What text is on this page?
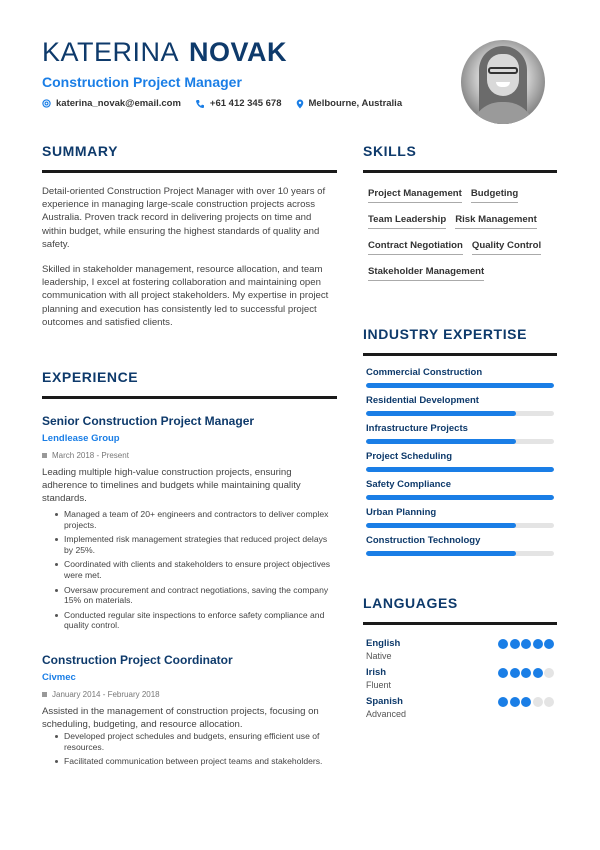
KATERINA NOVAK
Construction Project Manager
katerina_novak@email.com	+61 412 345 678	Melbourne, Australia
SUMMARY

Detail-oriented Construction Project Manager with over 10 years of experience in managing large-scale construction projects across Australia. Proven track record in delivering projects on time and within budget, while ensuring the highest standards of quality and safety.

Skilled in stakeholder management, resource allocation, and team leadership, I excel at fostering collaboration and maintaining open communication with all project stakeholders. My expertise in project planning and execution has consistently led to successful project outcomes and satisfied clients.

EXPERIENCE
Senior Construction Project Manager
Lendlease Group
March 2018 - Present

Leading multiple high-value construction projects, ensuring adherence to timelines and budgets while maintaining quality standards.

Managed a team of 20+ engineers and contractors to deliver complex projects.
Implemented risk management strategies that reduced project delays by 25%.
Coordinated with clients and stakeholders to ensure project objectives were met.
Oversaw procurement and contract negotiations, saving the company 15% on materials.
Conducted regular site inspections to enforce safety compliance and quality control.
Construction Project Coordinator
Civmec
January 2014 - February 2018

Assisted in the management of construction projects, focusing on scheduling, budgeting, and resource allocation.

Developed project schedules and budgets, ensuring efficient use of resources.
Facilitated communication between project teams and stakeholders.
SKILLS
Project Management Budgeting
Team Leadership Risk Management
Contract Negotiation Quality Control
Stakeholder Management
INDUSTRY EXPERTISE
Commercial Construction
Residential Development
Infrastructure Projects
Project Scheduling
Safety Compliance
Urban Planning
Construction Technology
LANGUAGES
English
Native
Irish
Fluent
Spanish
Advanced
